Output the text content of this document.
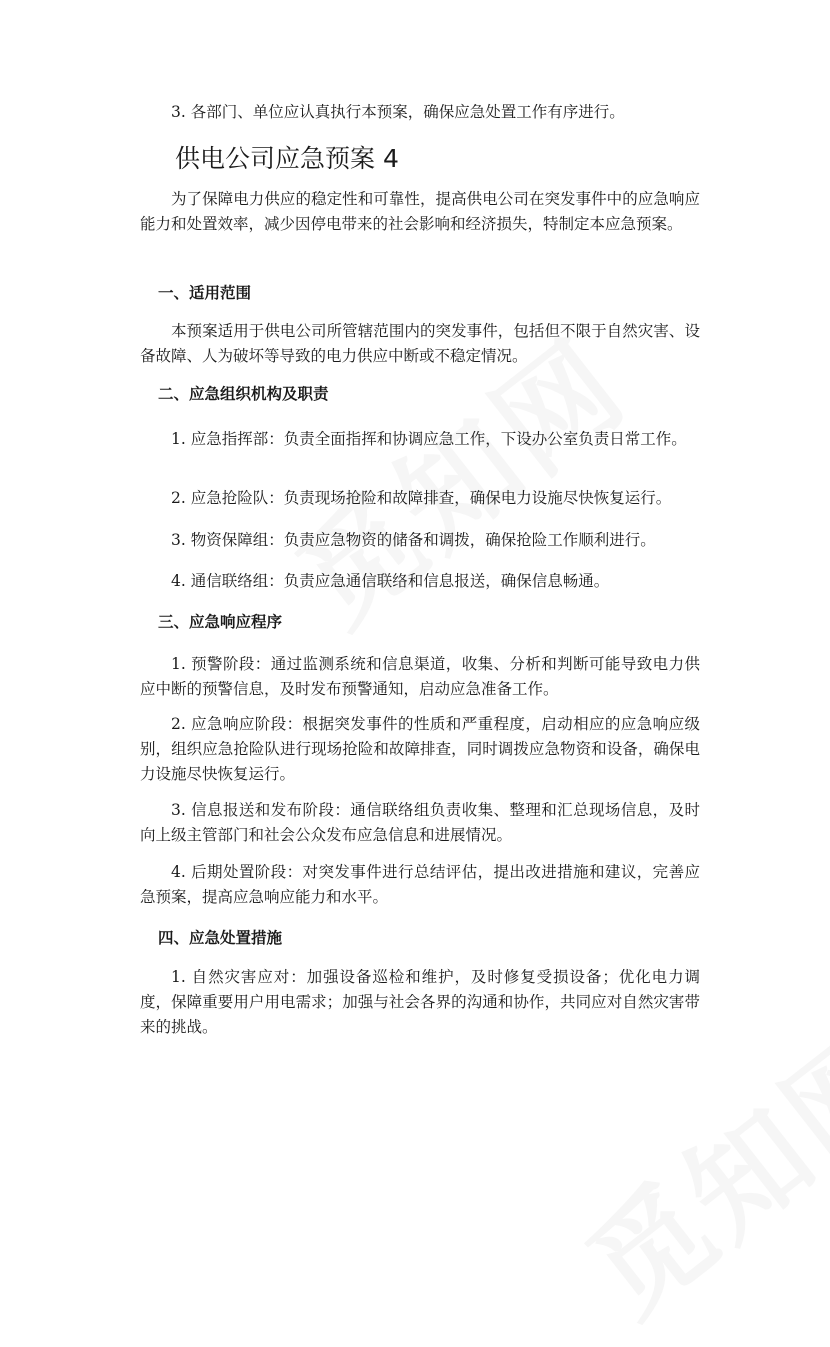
3. 各部门、单位应认真执行本预案，确保应急处置工作有序进行。

供电公司应急预案 4

为了保障电力供应的稳定性和可靠性，提高供电公司在突发事件中的应急响应能力和处置效率，减少因停电带来的社会影响和经济损失，特制定本应急预案。

一、适用范围

本预案适用于供电公司所管辖范围内的突发事件，包括但不限于自然灾害、设备故障、人为破坏等导致的电力供应中断或不稳定情况。

二、应急组织机构及职责

1. 应急指挥部：负责全面指挥和协调应急工作，下设办公室负责日常工作。

2. 应急抢险队：负责现场抢险和故障排查，确保电力设施尽快恢复运行。

3. 物资保障组：负责应急物资的储备和调拨，确保抢险工作顺利进行。

4. 通信联络组：负责应急通信联络和信息报送，确保信息畅通。

三、应急响应程序

1. 预警阶段：通过监测系统和信息渠道，收集、分析和判断可能导致电力供应中断的预警信息，及时发布预警通知，启动应急准备工作。

2. 应急响应阶段：根据突发事件的性质和严重程度，启动相应的应急响应级别，组织应急抢险队进行现场抢险和故障排查，同时调拨应急物资和设备，确保电力设施尽快恢复运行。

3. 信息报送和发布阶段：通信联络组负责收集、整理和汇总现场信息，及时向上级主管部门和社会公众发布应急信息和进展情况。

4. 后期处置阶段：对突发事件进行总结评估，提出改进措施和建议，完善应急预案，提高应急响应能力和水平。

四、应急处置措施

1. 自然灾害应对：加强设备巡检和维护，及时修复受损设备；优化电力调度，保障重要用户用电需求；加强与社会各界的沟通和协作，共同应对自然灾害带来的挑战。
